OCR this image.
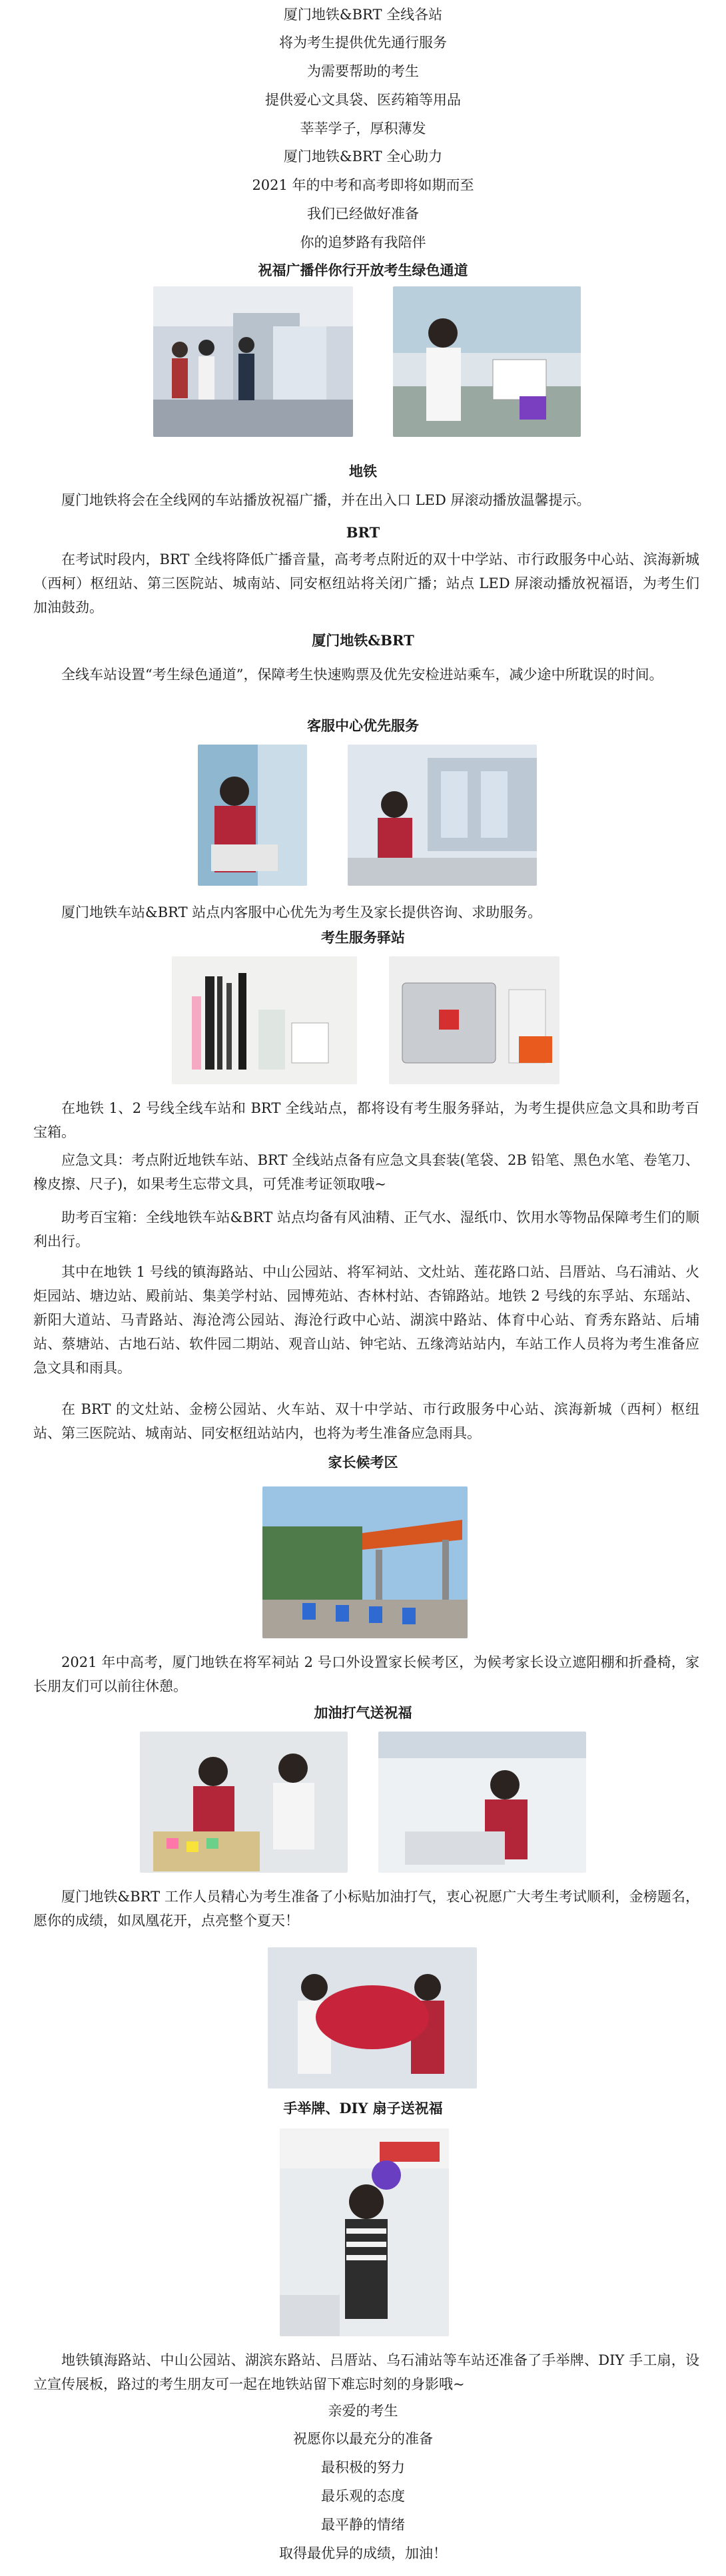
厦门地铁&BRT 全线各站
将为考生提供优先通行服务
为需要帮助的考生
提供爱心文具袋、医药箱等用品
莘莘学子，厚积薄发
厦门地铁&BRT 全心助力
2021 年的中考和高考即将如期而至
我们已经做好准备
你的追梦路有我陪伴
祝福广播伴你行开放考生绿色通道
地铁
厦门地铁将会在全线网的车站播放祝福广播，并在出入口 LED 屏滚动播放温馨提示。
BRT
在考试时段内，BRT 全线将降低广播音量，高考考点附近的双十中学站、市行政服务中心站、滨海新城（西柯）枢纽站、第三医院站、城南站、同安枢纽站将关闭广播；站点 LED 屏滚动播放祝福语，为考生们加油鼓劲。
厦门地铁&BRT
全线车站设置“考生绿色通道”，保障考生快速购票及优先安检进站乘车，减少途中所耽误的时间。
客服中心优先服务
厦门地铁车站&BRT 站点内客服中心优先为考生及家长提供咨询、求助服务。
考生服务驿站
在地铁 1、2 号线全线车站和 BRT 全线站点，都将设有考生服务驿站，为考生提供应急文具和助考百宝箱。
应急文具：考点附近地铁车站、BRT 全线站点备有应急文具套装(笔袋、2B 铅笔、黑色水笔、卷笔刀、橡皮擦、尺子)，如果考生忘带文具，可凭准考证领取哦~
助考百宝箱：全线地铁车站&BRT 站点均备有风油精、正气水、湿纸巾、饮用水等物品保障考生们的顺利出行。
其中在地铁 1 号线的镇海路站、中山公园站、将军祠站、文灶站、莲花路口站、吕厝站、乌石浦站、火炬园站、塘边站、殿前站、集美学村站、园博苑站、杏林村站、杏锦路站。地铁 2 号线的东孚站、东瑶站、新阳大道站、马青路站、海沧湾公园站、海沧行政中心站、湖滨中路站、体育中心站、育秀东路站、后埔站、蔡塘站、古地石站、软件园二期站、观音山站、钟宅站、五缘湾站站内，车站工作人员将为考生准备应急文具和雨具。
在 BRT 的文灶站、金榜公园站、火车站、双十中学站、市行政服务中心站、滨海新城（西柯）枢纽站、第三医院站、城南站、同安枢纽站站内，也将为考生准备应急雨具。
家长候考区
2021 年中高考，厦门地铁在将军祠站 2 号口外设置家长候考区，为候考家长设立遮阳棚和折叠椅，家长朋友们可以前往休憩。
加油打气送祝福
厦门地铁&BRT 工作人员精心为考生准备了小标贴加油打气，衷心祝愿广大考生考试顺利，金榜题名，愿你的成绩，如凤凰花开，点亮整个夏天！
手举牌、DIY 扇子送祝福
地铁镇海路站、中山公园站、湖滨东路站、吕厝站、乌石浦站等车站还准备了手举牌、DIY 手工扇，设立宣传展板，路过的考生朋友可一起在地铁站留下难忘时刻的身影哦~
亲爱的考生
祝愿你以最充分的准备
最积极的努力
最乐观的态度
最平静的情绪
取得最优异的成绩，加油！
